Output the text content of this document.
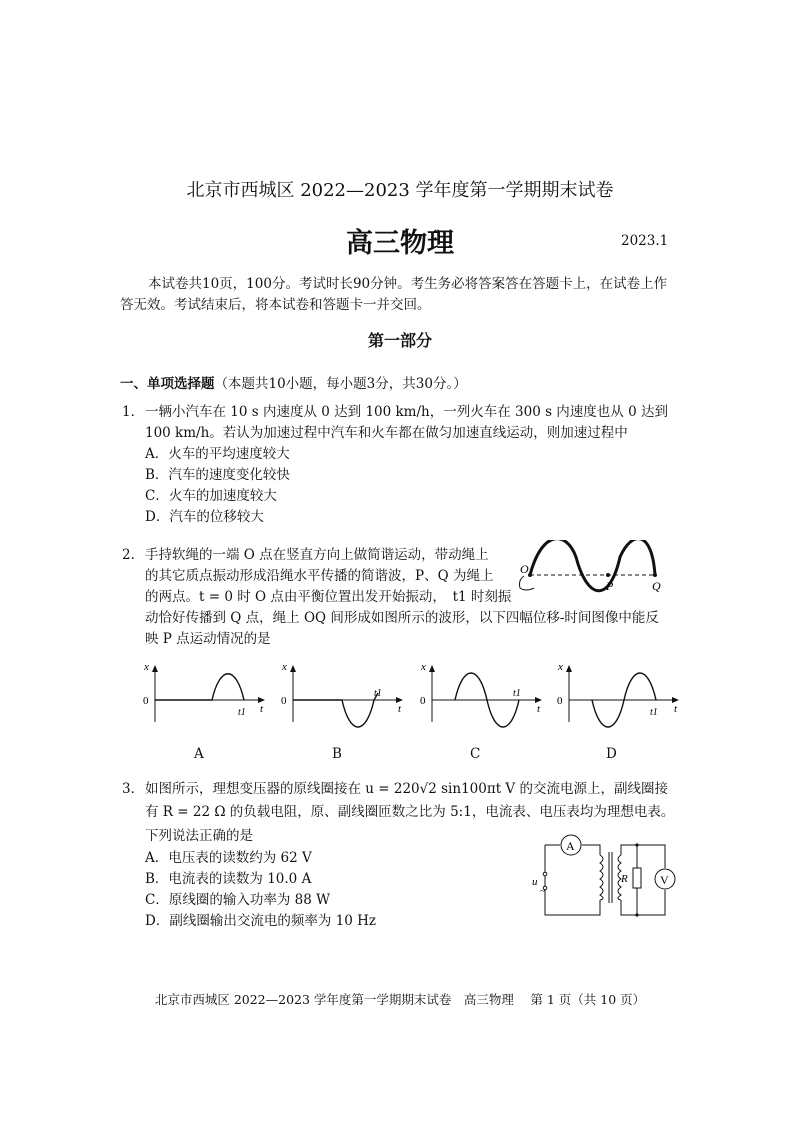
北京市西城区 2022—2023 学年度第一学期期末试卷
高三物理	2023.1
本试卷共10页，100分。考试时长90分钟。考生务必将答案答在答题卡上，在试卷上作
答无效。考试结束后，将本试卷和答题卡一并交回。
第一部分
一、单项选择题（本题共10小题，每小题3分，共30分。）
1． 一辆小汽车在 10 s 内速度从 0 达到 100 km/h，一列火车在 300 s 内速度也从 0 达到
100 km/h。若认为加速过程中汽车和火车都在做匀加速直线运动，则加速过程中
A．火车的平均速度较大
B．汽车的速度变化较快
C．火车的加速度较大
D．汽车的位移较大
2. 手持软绳的一端 O 点在竖直方向上做简谐运动，带动绳上
的其它质点振动形成沿绳水平传播的简谐波，P、Q 为绳上
的两点。t = 0 时 O 点由平衡位置出发开始振动，　t1 时刻振
动恰好传播到 Q 点，绳上 OQ 间形成如图所示的波形，以下四幅位移-时间图像中能反
映 P 点运动情况的是
O
P	Q
x
0
t
t1
A
x
0
t
t1
B
x
0
t
t1
C
x
0
t
t1
D
3． 如图所示，理想变压器的原线圈接在 u = 220√2 sin100πt V 的交流电源上，副线圈接
有 R = 22 Ω 的负载电阻，原、副线圈匝数之比为 5:1，电流表、电压表均为理想电表。
下列说法正确的是
A．电压表的读数约为 62 V
B．电流表的读数为 10.0 A
C．原线圈的输入功率为 88 W
D．副线圈输出交流电的频率为 10 Hz
A
u
~
R	V
北京市西城区 2022—2023 学年度第一学期期末试卷　高三物理　 第 1 页（共 10 页）
